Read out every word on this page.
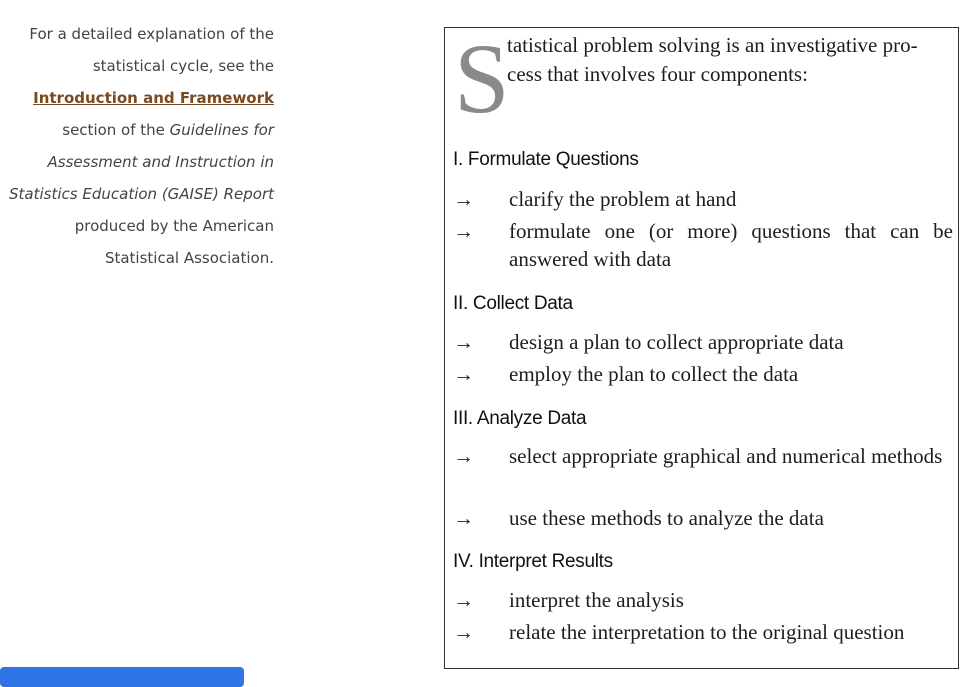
For a detailed explanation of the
statistical cycle, see the
Introduction and Framework
section of the Guidelines for
Assessment and Instruction in
Statistics Education (GAISE) Report
produced by the American
Statistical Association.
S
tatistical problem solving is an investigative pro-
cess that involves four components:
I. Formulate Questions
→ clarify the problem at hand
→ formulate one (or more) questions that can be answered with data
II. Collect Data
→ design a plan to collect appropriate data
→ employ the plan to collect the data
III. Analyze Data
→ select appropriate graphical and numerical methods
→ use these methods to analyze the data
IV. Interpret Results
→ interpret the analysis
→ relate the interpretation to the original question
